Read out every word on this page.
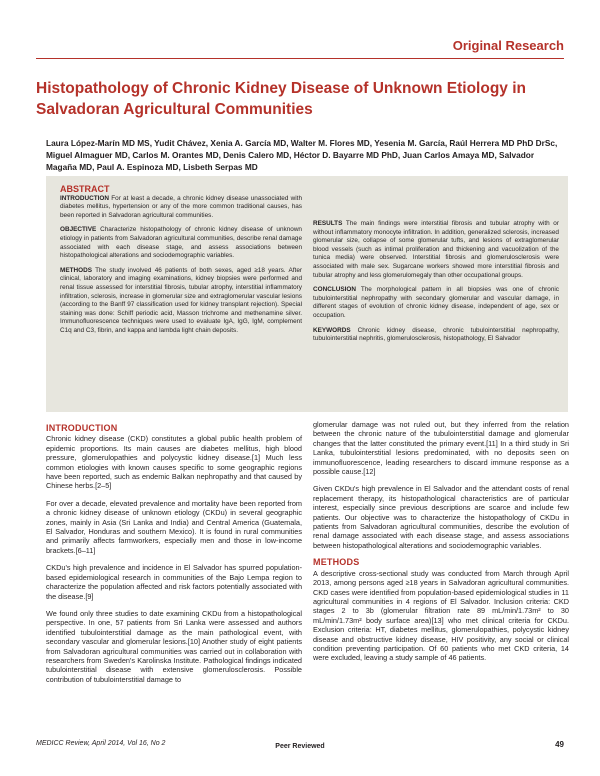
Original Research
Histopathology of Chronic Kidney Disease of Unknown Etiology in Salvadoran Agricultural Communities

Laura López-Marín MD MS, Yudit Chávez, Xenia A. García MD, Walter M. Flores MD, Yesenia M. García, Raúl Herrera MD PhD DrSc, Miguel Almaguer MD, Carlos M. Orantes MD, Denis Calero MD, Héctor D. Bayarre MD PhD, Juan Carlos Amaya MD, Salvador Magaña MD, Paul A. Espinoza MD, Lisbeth Serpas MD

ABSTRACT

INTRODUCTION For at least a decade, a chronic kidney disease unassociated with diabetes mellitus, hypertension or any of the more common traditional causes, has been reported in Salvadoran agricultural communities.

OBJECTIVE Characterize histopathology of chronic kidney disease of unknown etiology in patients from Salvadoran agricultural communities, describe renal damage associated with each disease stage, and assess associations between histopathological alterations and sociodemographic variables.

METHODS The study involved 46 patients of both sexes, aged ≥18 years. After clinical, laboratory and imaging examinations, kidney biopsies were performed and renal tissue assessed for interstitial fibrosis, tubular atrophy, interstitial inflammatory infiltration, sclerosis, increase in glomerular size and extraglomerular vascular lesions (according to the Banff 97 classification used for kidney transplant rejection). Special staining was done: Schiff periodic acid, Masson trichrome and methenamine silver. Immunofluorescence techniques were used to evaluate IgA, IgG, IgM, complement C1q and C3, fibrin, and kappa and lambda light chain deposits.

RESULTS The main findings were interstitial fibrosis and tubular atrophy with or without inflammatory monocyte infiltration. In addition, generalized sclerosis, increased glomerular size, collapse of some glomerular tufts, and lesions of extraglomerular blood vessels (such as intimal proliferation and thickening and vacuolization of the tunica media) were observed. Interstitial fibrosis and glomerulosclerosis were associated with male sex. Sugarcane workers showed more interstitial fibrosis and tubular atrophy and less glomerulomegaly than other occupational groups.

CONCLUSION The morphological pattern in all biopsies was one of chronic tubulointerstitial nephropathy with secondary glomerular and vascular damage, in different stages of evolution of chronic kidney disease, independent of age, sex or occupation.

KEYWORDS Chronic kidney disease, chronic tubulointerstitial nephropathy, tubulointerstitial nephritis, glomerulosclerosis, histopathology, El Salvador

INTRODUCTION

Chronic kidney disease (CKD) constitutes a global public health problem of epidemic proportions. Its main causes are diabetes mellitus, high blood pressure, glomerulopathies and polycystic kidney disease.[1] Much less common etiologies with known causes specific to some geographic regions have been reported, such as endemic Balkan nephropathy and that caused by Chinese herbs.[2–5]

For over a decade, elevated prevalence and mortality have been reported from a chronic kidney disease of unknown etiology (CKDu) in several geographic zones, mainly in Asia (Sri Lanka and India) and Central America (Guatemala, El Salvador, Honduras and southern Mexico). It is found in rural communities and primarily affects farmworkers, especially men and those in low-income brackets.[6–11]

CKDu's high prevalence and incidence in El Salvador has spurred population-based epidemiological research in communities of the Bajo Lempa region to characterize the population affected and risk factors potentially associated with the disease.[9]

We found only three studies to date examining CKDu from a histopathological perspective. In one, 57 patients from Sri Lanka were assessed and authors identified tubulointerstitial damage as the main pathological event, with secondary vascular and glomerular lesions.[10] Another study of eight patients from Salvadoran agricultural communities was carried out in collaboration with researchers from Sweden's Karolinska Institute. Pathological findings indicated tubulointerstitial disease with extensive glomerulosclerosis. Possible contribution of tubulointerstitial damage to

glomerular damage was not ruled out, but they inferred from the relation between the chronic nature of the tubulointerstitial damage and glomerular changes that the latter constituted the primary event.[11] In a third study in Sri Lanka, tubulointerstitial lesions predominated, with no deposits seen on immunofluorescence, leading researchers to discard immune response as a possible cause.[12]

Given CKDu's high prevalence in El Salvador and the attendant costs of renal replacement therapy, its histopathological characteristics are of particular interest, especially since previous descriptions are scarce and include few patients. Our objective was to characterize the histopathology of CKDu in patients from Salvadoran agricultural communities, describe the evolution of renal damage associated with each disease stage, and assess associations between histopathological alterations and sociodemographic variables.

METHODS

A descriptive cross-sectional study was conducted from March through April 2013, among persons aged ≥18 years in Salvadoran agricultural communities. CKD cases were identified from population-based epidemiological studies in 11 agricultural communities in 4 regions of El Salvador. Inclusion criteria: CKD stages 2 to 3b (glomerular filtration rate 89 mL/min/1.73m² to 30 mL/min/1.73m² body surface area)[13] who met clinical criteria for CKDu. Exclusion criteria: HT, diabetes mellitus, glomerulopathies, polycystic kidney disease and obstructive kidney disease, HIV positivity, any social or clinical condition preventing participation. Of 60 patients who met CKD criteria, 14 were excluded, leaving a study sample of 46 patients.

MEDICC Review, April 2014, Vol 16, No 2	Peer Reviewed	49
